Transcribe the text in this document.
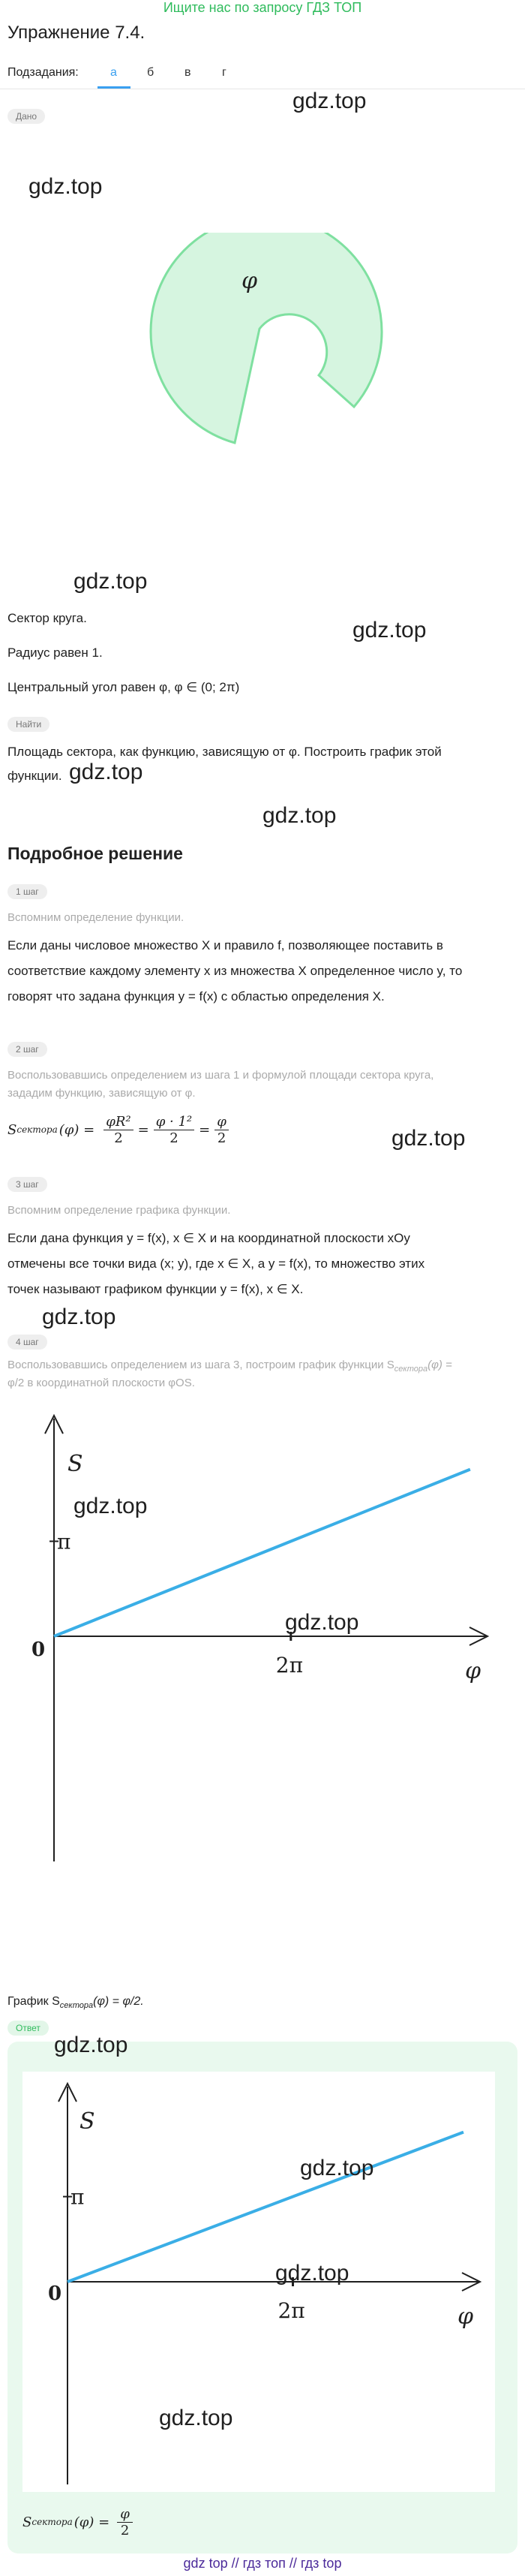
Ищите нас по запросу ГДЗ ТОП
Упражнение 7.4.
Подзадания:	а	б	в	г
Дано
gdz.top
gdz.top
φ
gdz.top
gdz.top
Сектор круга.
Радиус равен 1.
Центральный угол равен φ, φ ∈ (0; 2π)
Найти
Площадь сектора, как функцию, зависящую от φ. Построить график этой
функции. gdz.top
gdz.top
Подробное решение
1 шаг
Вспомним определение функции.
Если даны числовое множество X и правило f, позволяющее поставить в
соответствие каждому элементу x из множества X определенное число y, то
говорят что задана функция y = f(x) с областью определения X.
2 шаг
Воспользовавшись определением из шага 1 и формулой площади сектора круга,
зададим функцию, зависящую от φ.
S сектора $(\varphi) = \frac{\text{φR²}}{2} = \frac{\text{φ · 1²}}{2} = \frac{\varphi}{2}$	gdz.top
3 шаг
Вспомним определение графика функции.
Если дана функция y = f(x), x ∈ X и на координатной плоскости xOy
отмечены все точки вида (x; y), где x ∈ X, а y = f(x), то множество этих
точек называют графиком функции y = f(x), x ∈ X.
gdz.top
4 шаг
Воспользовавшись определением из шага 3, построим график функции $S_{сектора}(\varphi)$ =
φ/2 в координатной плоскости φOS.
S
φ
0
π
2π
gdz.top
gdz.top
График $S_{сектора}(\varphi) = \varphi/2$.
Ответ
S
φ
0
π
2π
gdz.top
gdz.top
gdz.top
gdz.top
S сектора $(\varphi) = \frac{\varphi}{2}$
gdz top // гдз топ // гдз top
